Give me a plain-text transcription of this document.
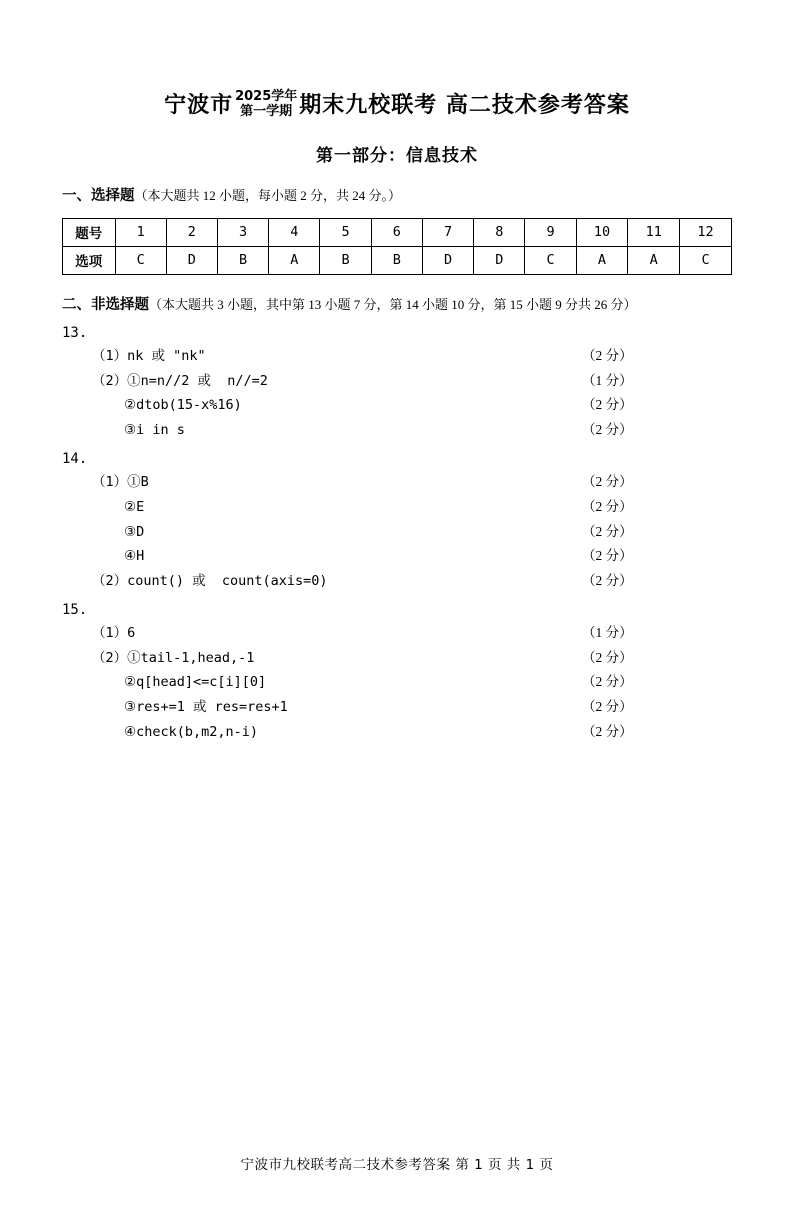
宁波市 2025学年
第一学期 期末九校联考 高二技术参考答案
第一部分：信息技术
一、选择题（本大题共 12 小题，每小题 2 分，共 24 分。）
题号	1	2	3	4	5	6	7	8	9	10	11	12
选项	C	D	B	A	B	B	D	D	C	A	A	C
二、非选择题（本大题共 3 小题，其中第 13 小题 7 分，第 14 小题 10 分，第 15 小题 9 分共 26 分）
13.
（1）nk 或 "nk"	（2 分）
（2）①n=n//2 或  n//=2	（1 分）
②dtob(15-x%16)	（2 分）
③i in s	（2 分）
14.
（1）①B	（2 分）
②E	（2 分）
③D	（2 分）
④H	（2 分）
（2）count() 或  count(axis=0)	（2 分）
15.
（1）6	（1 分）
（2）①tail-1,head,-1	（2 分）
②q[head]<=c[i][0]	（2 分）
③res+=1 或 res=res+1	（2 分）
④check(b,m2,n-i)	（2 分）
宁波市九校联考高二技术参考答案 第 1 页 共 1 页
